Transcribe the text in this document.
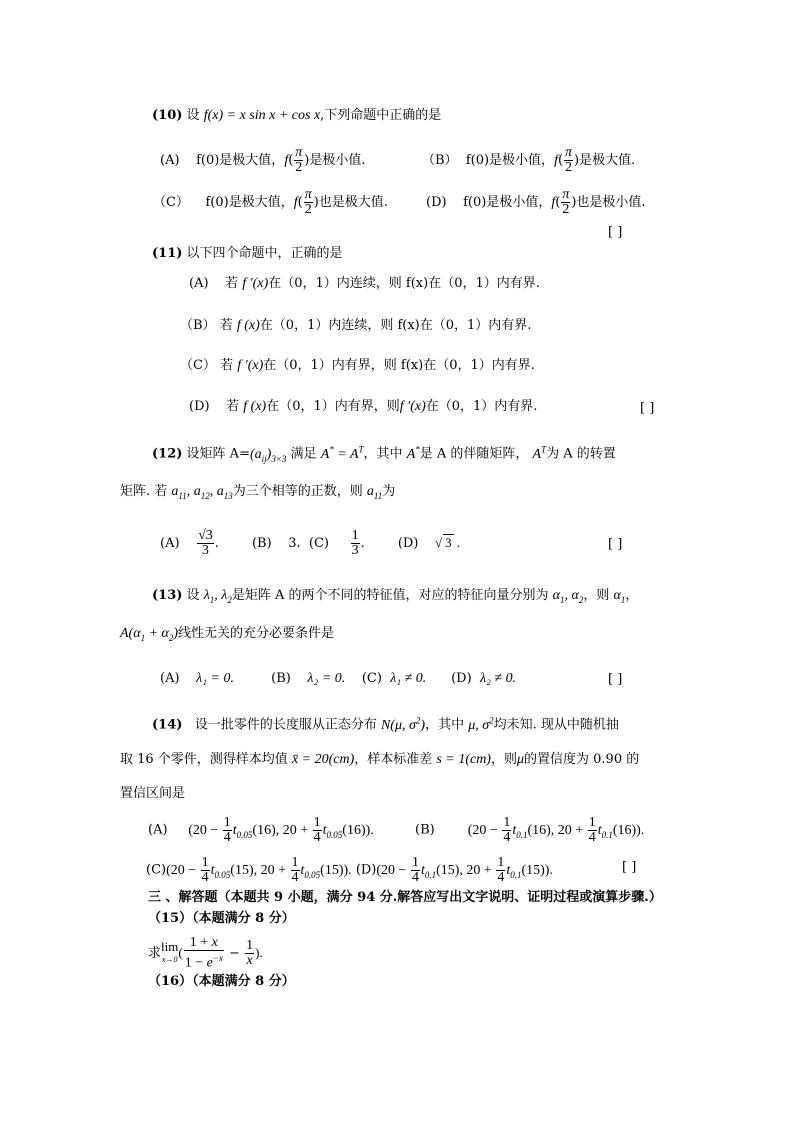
(10) 设 f(x) = x sin x + cos x,下列命题中正确的是
(A) f(0)是极大值，$f( \frac{\pi}{2}$ )是极小值.	（B） f(0)是极小值，$f( \frac{\pi}{2}$ )是极大值.
（C） f(0)是极大值，$f( \frac{\pi}{2}$ )也是极大值.	(D) f(0)是极小值，$f( \frac{\pi}{2}$ )也是极小值.
[ ]
(11) 以下四个命题中，正确的是
(A) 若 f ′(x)在（0，1）内连续，则 f(x)在（0，1）内有界.
（B） 若 f (x)在（0，1）内连续，则 f(x)在（0，1）内有界.
（C） 若 f ′(x)在（0，1）内有界，则 f(x)在（0，1）内有界.
(D) 若 f (x)在（0，1）内有界，则f ′(x)在（0，1）内有界.	[ ]
(12) 设矩阵 $A=(a_{ij})_{3\times 3}$ 满足 $A^* = A^T$，其中 A*是 A 的伴随矩阵， $A^T$为 A 的转置
矩阵. 若 $a_{11}$, $a_{12}$, $a_{13}$为三个相等的正数，则 $a_{11}$为
$(A) \frac{√3}{3}$ .        (B) 3. $(C) \frac{1}{3}$ .        (D) √ 3 .	[ ]
(13) 设 $\lambda_1$, $\lambda_2$是矩阵 A 的两个不同的特征值，对应的特征向量分别为 $\alpha_1$, $\alpha_2$，则 $\alpha_1$，
$A(\alpha_1 + \alpha_2)$线性无关的充分必要条件是
(A) λ₁ = 0.	(B) λ₂ = 0. (C) λ₁ ≠ 0. (D) λ₂ ≠ 0.	[ ]
(14) 设一批零件的长度服从正态分布 N(μ, $\sigma^2$)，其中 μ, $\sigma^2$均未知. 现从中随机抽
取 16 个零件，测得样本均值 x̄ = 20(cm)，样本标准差 s = 1(cm)，则μ的置信度为 0.90 的
置信区间是
(A) ($20 - \frac{1}{4} t_{0.05}(16)$, $20 + \frac{1}{4} t_{0.05}(16)$).	(B) ($20 - \frac{1}{4} t_{0.1}(16)$, $20 + \frac{1}{4} t_{0.1}(16)$).
$(C)(20 - \frac{1}{4} t_{0.05}(15)$, $20 + \frac{1}{4} t_{0.05}(15)$). $(D)(20 - \frac{1}{4} t_{0.1}(15)$, $20 + \frac{1}{4} t_{0.1}(15)$).	[ ]
三 、解答题（本题共 9 小题，满分 94 分.解答应写出文字说明、证明过程或演算步骤.）
（15）（本题满分 8 分）
求lim
$x\to 0( \frac{1 + x}{1 - e^{-x}} - \frac{1}{x}$ ).
（16）（本题满分 8 分）
